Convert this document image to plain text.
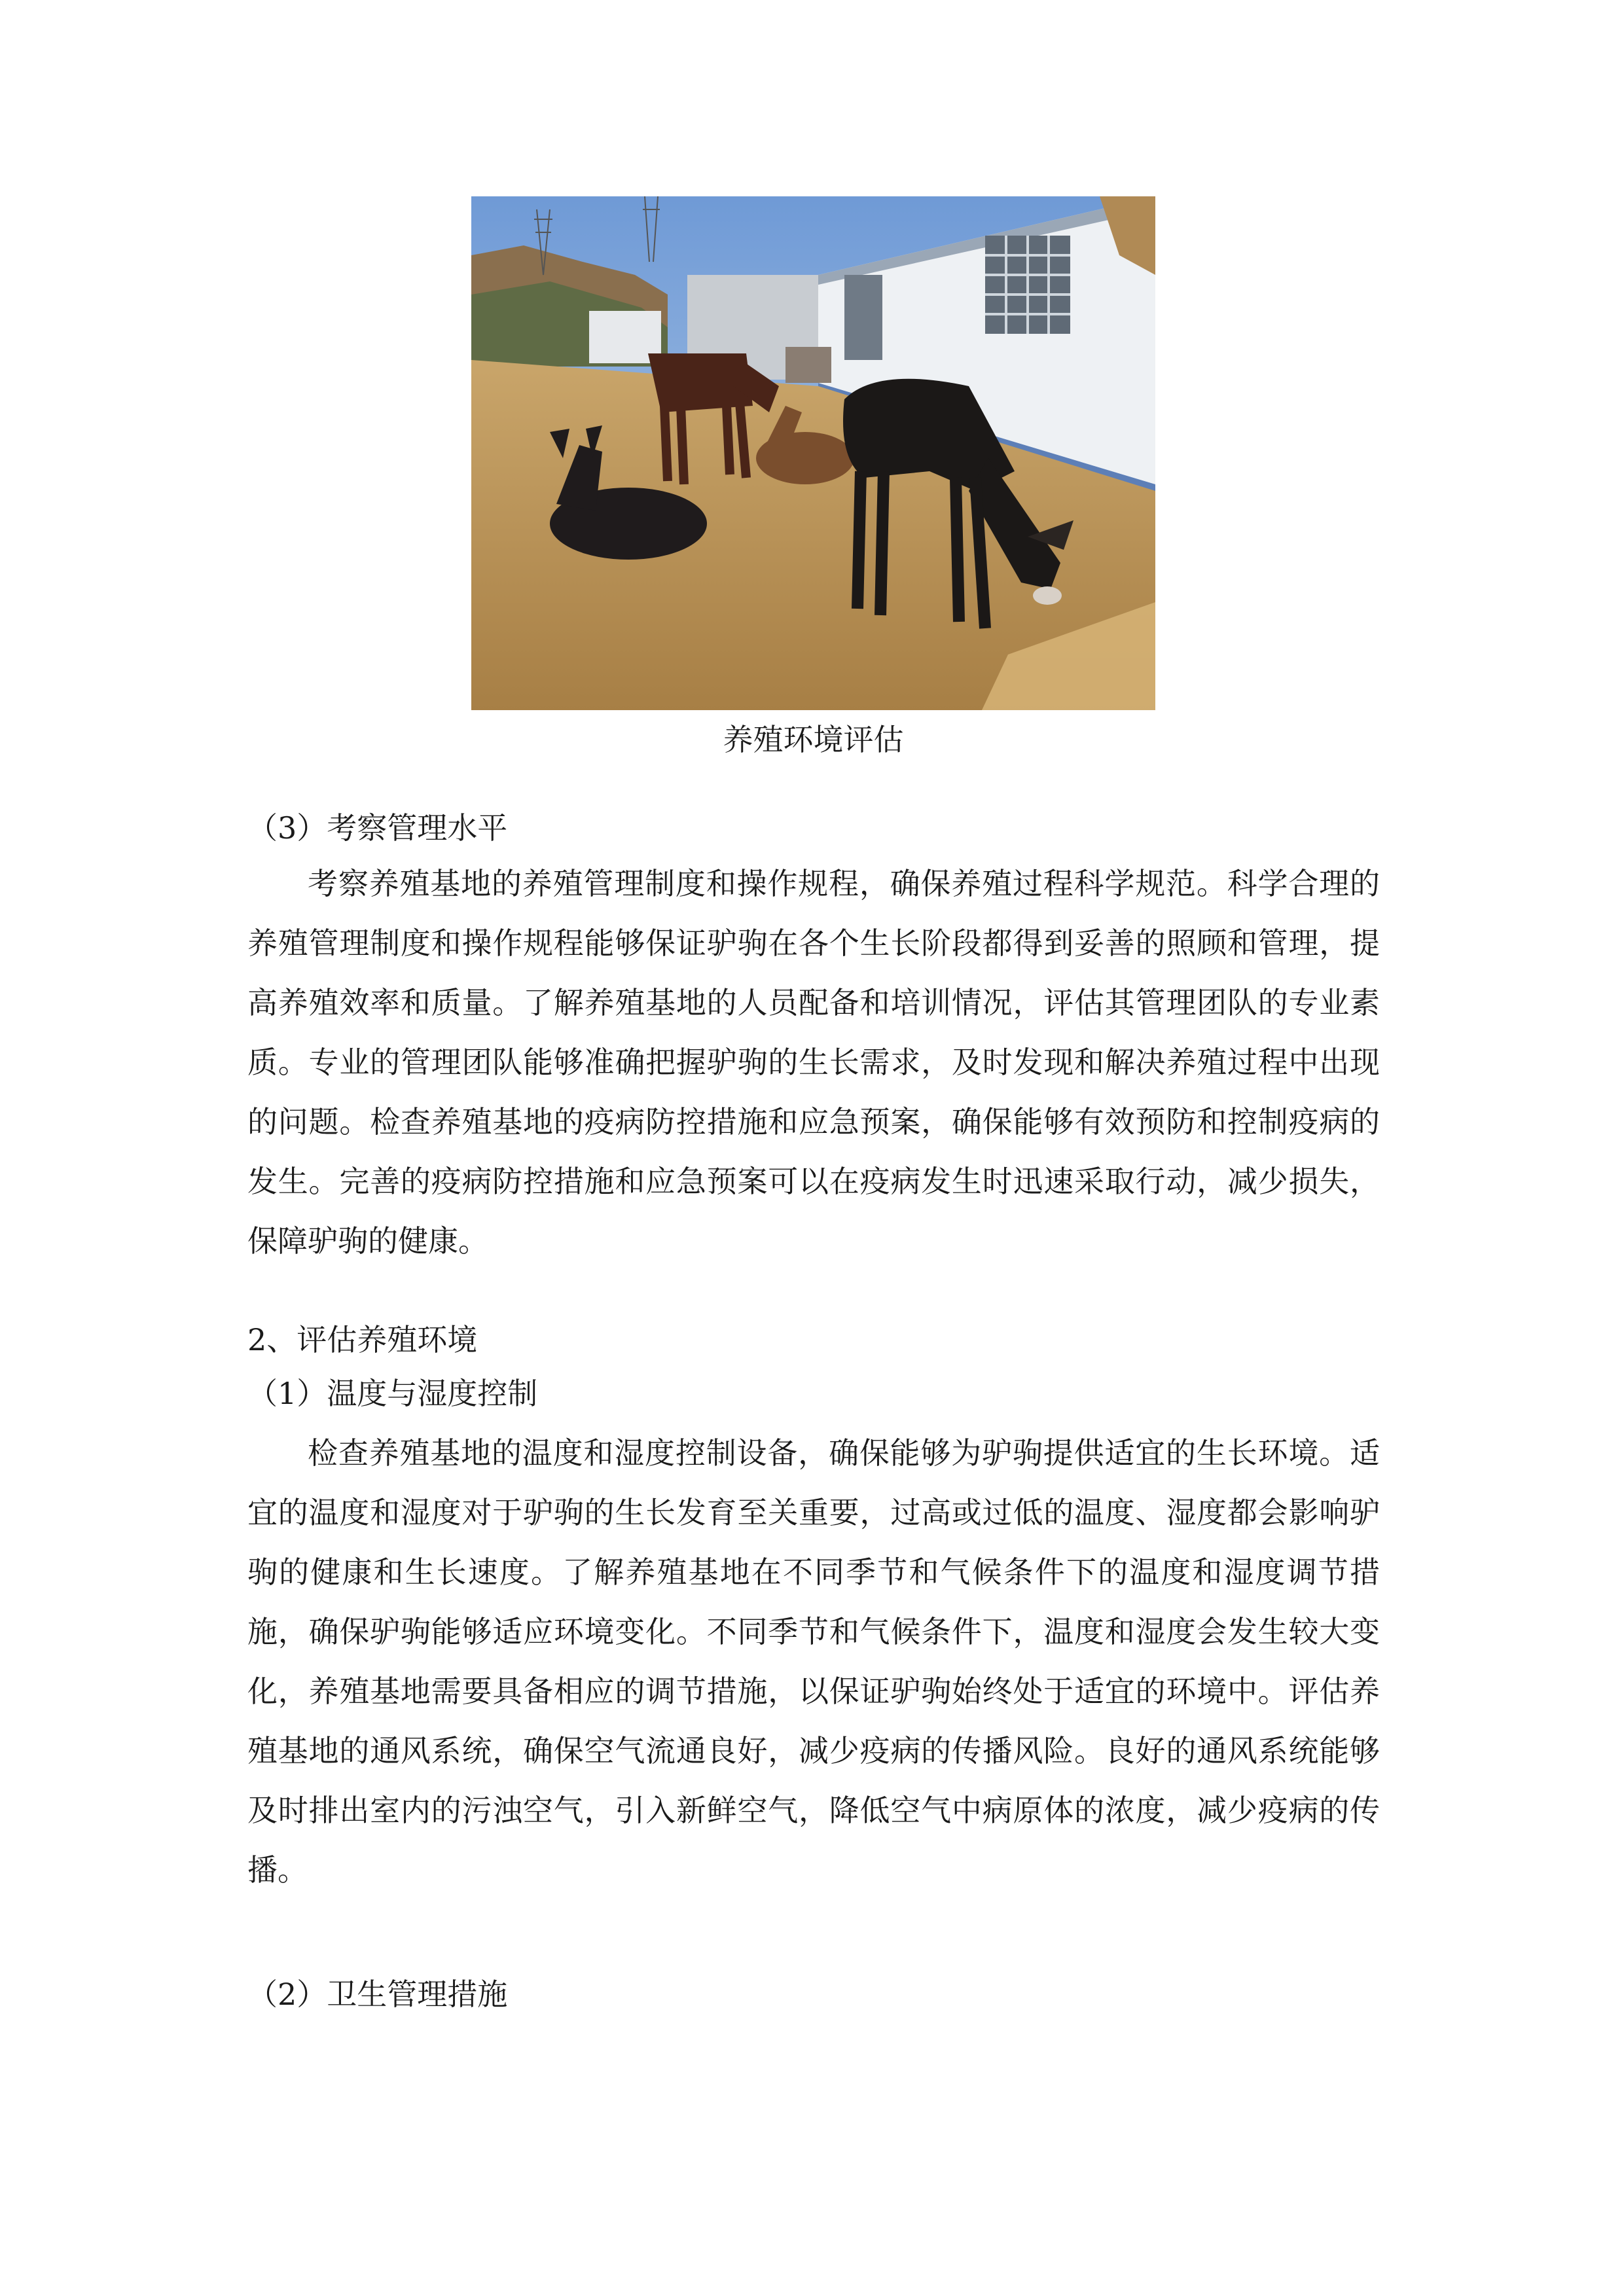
养殖环境评估
（3）考察管理水平

考察养殖基地的养殖管理制度和操作规程，确保养殖过程科学规范。科学合理的养殖管理制度和操作规程能够保证驴驹在各个生长阶段都得到妥善的照顾和管理，提高养殖效率和质量。了解养殖基地的人员配备和培训情况，评估其管理团队的专业素质。专业的管理团队能够准确把握驴驹的生长需求，及时发现和解决养殖过程中出现的问题。检查养殖基地的疫病防控措施和应急预案，确保能够有效预防和控制疫病的发生。完善的疫病防控措施和应急预案可以在疫病发生时迅速采取行动，减少损失，保障驴驹的健康。

2、评估养殖环境
（1）温度与湿度控制

检查养殖基地的温度和湿度控制设备，确保能够为驴驹提供适宜的生长环境。适宜的温度和湿度对于驴驹的生长发育至关重要，过高或过低的温度、湿度都会影响驴驹的健康和生长速度。了解养殖基地在不同季节和气候条件下的温度和湿度调节措施，确保驴驹能够适应环境变化。不同季节和气候条件下，温度和湿度会发生较大变化，养殖基地需要具备相应的调节措施，以保证驴驹始终处于适宜的环境中。评估养殖基地的通风系统，确保空气流通良好，减少疫病的传播风险。良好的通风系统能够及时排出室内的污浊空气，引入新鲜空气，降低空气中病原体的浓度，减少疫病的传播。

（2）卫生管理措施
